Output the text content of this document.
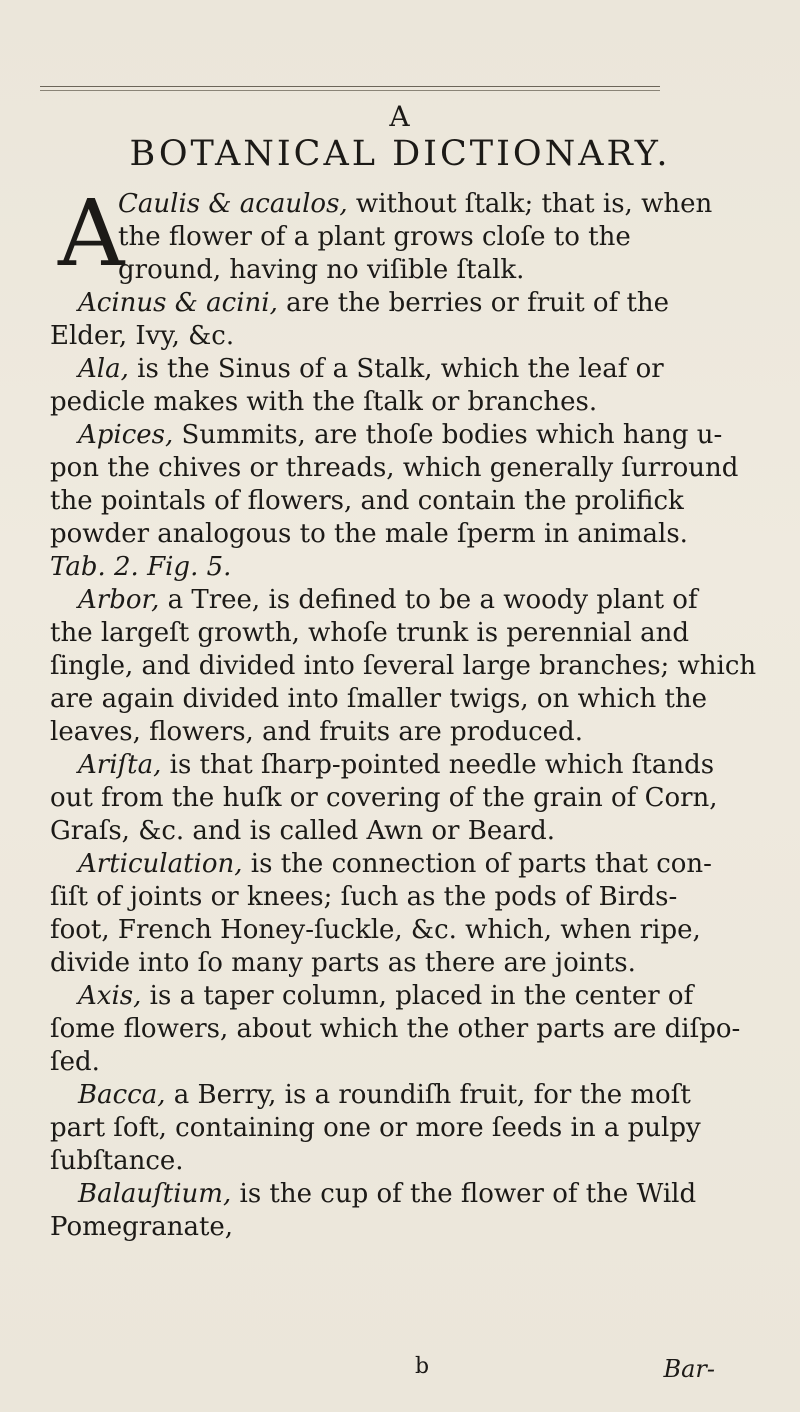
A
BOTANICAL DICTIONARY.
A
Caulis & acaulos, without ſtalk; that is, when
the flower of a plant grows cloſe to the
ground, having no viſible ſtalk.
Acinus & acini, are the berries or fruit of the
Elder, Ivy, &c.
Ala, is the Sinus of a Stalk, which the leaf or
pedicle makes with the ſtalk or branches.
Apices, Summits, are thoſe bodies which hang u-
pon the chives or threads, which generally ſurround
the pointals of flowers, and contain the prolifick
powder analogous to the male ſperm in animals.
Tab. 2. Fig. 5.
Arbor, a Tree, is defined to be a woody plant of
the largeſt growth, whoſe trunk is perennial and
ſingle, and divided into ſeveral large branches; which
are again divided into ſmaller twigs, on which the
leaves, flowers, and fruits are produced.
Ariſta, is that ſharp-pointed needle which ſtands
out from the huſk or covering of the grain of Corn,
Graſs, &c. and is called Awn or Beard.
Articulation, is the connection of parts that con-
ſiſt of joints or knees; ſuch as the pods of Birds-
foot, French Honey-ſuckle, &c. which, when ripe,
divide into ſo many parts as there are joints.
Axis, is a taper column, placed in the center of
ſome flowers, about which the other parts are diſpo-
ſed.
Bacca, a Berry, is a roundiſh fruit, for the moſt
part ſoft, containing one or more ſeeds in a pulpy
ſubſtance.
Balauſtium, is the cup of the flower of the Wild
Pomegranate,
b	Bar-
